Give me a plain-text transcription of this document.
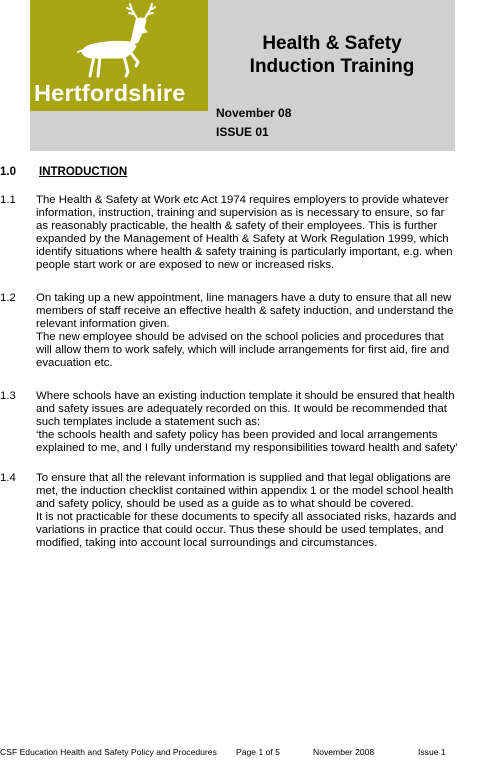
Hertfordshire
Health & Safety
Induction Training
November 08
ISSUE 01
1.0 INTRODUCTION
1.1 The Health & Safety at Work etc Act 1974 requires employers to provide whatever
information, instruction, training and supervision as is necessary to ensure, so far
as reasonably practicable, the health & safety of their employees. This is further
expanded by the Management of Health & Safety at Work Regulation 1999, which
identify situations where health & safety training is particularly important, e.g. when
people start work or are exposed to new or increased risks.
1.2 On taking up a new appointment, line managers have a duty to ensure that all new
members of staff receive an effective health & safety induction, and understand the
relevant information given.
The new employee should be advised on the school policies and procedures that
will allow them to work safely, which will include arrangements for first aid, fire and
evacuation etc.
1.3 Where schools have an existing induction template it should be ensured that health
and safety issues are adequately recorded on this. It would be recommended that
such templates include a statement such as:
‘the schools health and safety policy has been provided and local arrangements
explained to me, and I fully understand my responsibilities toward health and safety’
1.4 To ensure that all the relevant information is supplied and that legal obligations are
met, the induction checklist contained within appendix 1 or the model school health
and safety policy, should be used as a guide as to what should be covered.
It is not practicable for these documents to specify all associated risks, hazards and
variations in practice that could occur. Thus these should be used templates, and
modified, taking into account local surroundings and circumstances.
CSF Education Health and Safety Policy and Procedures Page 1 of 5	November 2008	Issue 1
